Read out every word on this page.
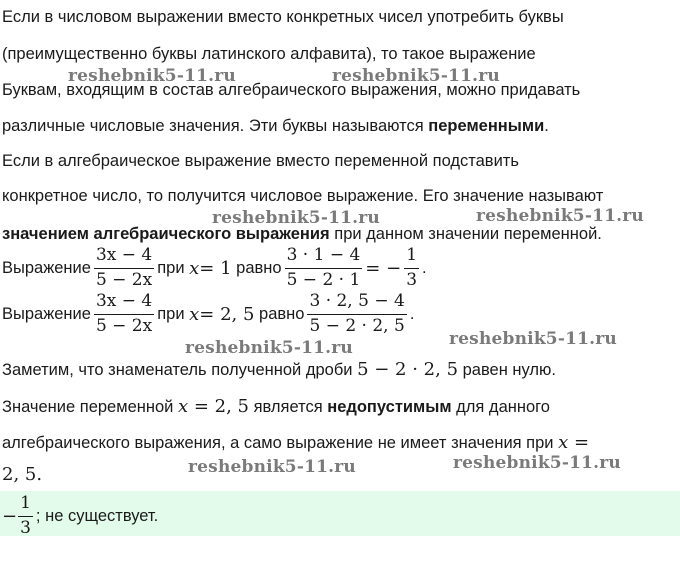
Если в числовом выражении вместо конкретных чисел употребить буквы
(преимущественно буквы латинского алфавита), то такое выражение
Буквам, входящим в состав алгебраического выражения, можно придавать
различные числовые значения. Эти буквы называются переменными.
Если в алгебраическое выражение вместо переменной подставить
конкретное число, то получится числовое выражение. Его значение называют
значением алгебраического выражения при данном значении переменной.
Выражение $\frac{3x - 4}{5 - 2x}$ при
x = 1
равно $\frac{3 \cdot 1 - 4}{5 - 2 \cdot 1}$ = − $\frac{1}{3}$ .
Выражение $\frac{3x - 4}{5 - 2x}$ при
x = 2, 5
равно $\frac{3 \cdot 2, 5 - 4}{5 - 2 \cdot 2, 5}$ .
Заметим, что знаменатель полученной дроби 5 − 2 · 2, 5 равен нулю.
Значение переменной x = 2, 5 является недопустимым для данного
алгебраического выражения, а само выражение не имеет значения при x =
2, 5.
− $\frac{1}{3}$ ; не существует.
reshebnik5-11.ru	reshebnik5-11.ru
reshebnik5-11.ru	reshebnik5-11.ru
reshebnik5-11.ru
reshebnik5-11.ru
reshebnik5-11.ru	reshebnik5-11.ru
